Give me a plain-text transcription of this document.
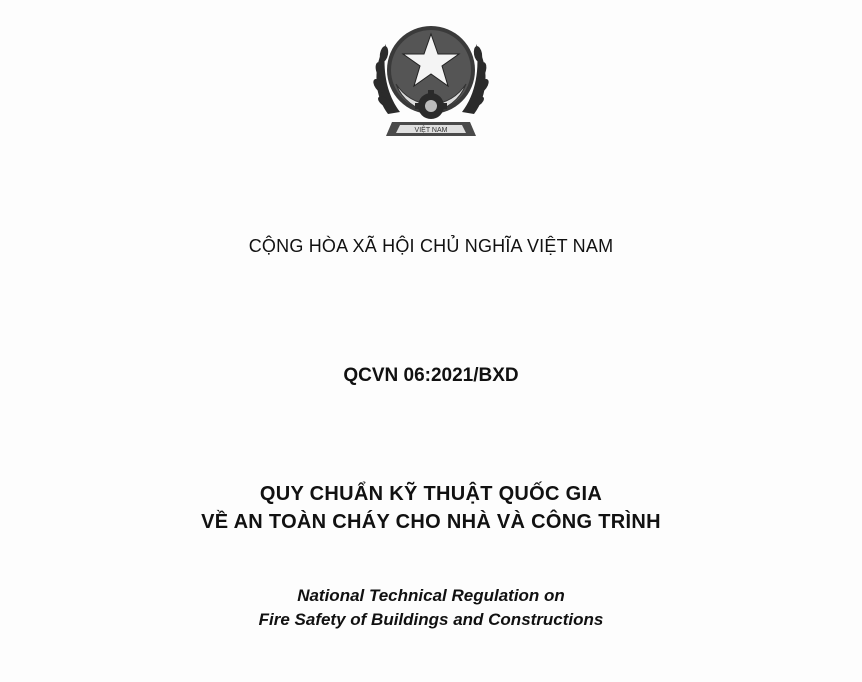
VIỆT NAM
CỘNG HÒA XÃ HỘI CHỦ NGHĨA VIỆT NAM
QCVN 06:2021/BXD
QUY CHUẨN KỸ THUẬT QUỐC GIA
VỀ AN TOÀN CHÁY CHO NHÀ VÀ CÔNG TRÌNH
National Technical Regulation on
Fire Safety of Buildings and Constructions
